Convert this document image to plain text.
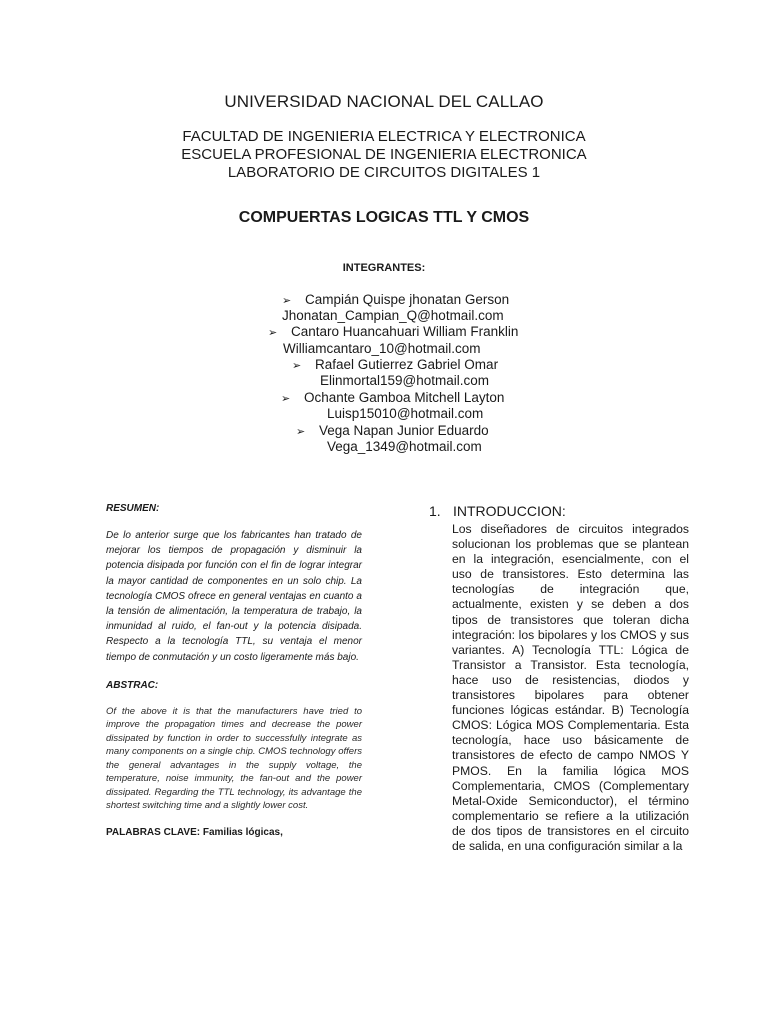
UNIVERSIDAD NACIONAL DEL CALLAO
FACULTAD DE INGENIERIA ELECTRICA Y ELECTRONICA
ESCUELA PROFESIONAL DE INGENIERIA ELECTRONICA
LABORATORIO DE CIRCUITOS DIGITALES 1
COMPUERTAS LOGICAS TTL Y CMOS
INTEGRANTES:
➢ Campián Quispe jhonatan Gerson
Jhonatan_Campian_Q@hotmail.com
➢ Cantaro Huancahuari William Franklin
Williamcantaro_10@hotmail.com
➢ Rafael Gutierrez Gabriel Omar
Elinmortal159@hotmail.com
➢ Ochante Gamboa Mitchell Layton
Luisp15010@hotmail.com
➢ Vega Napan Junior Eduardo
Vega_1349@hotmail.com

RESUMEN:

De lo anterior surge que los fabricantes han tratado de mejorar los tiempos de propagación y disminuir la potencia disipada por función con el fin de lograr integrar la mayor cantidad de componentes en un solo chip. La tecnología CMOS ofrece en general ventajas en cuanto a la tensión de alimentación, la temperatura de trabajo, la inmunidad al ruido, el fan-out y la potencia disipada. Respecto a la tecnología TTL, su ventaja el menor tiempo de conmutación y un costo ligeramente más bajo.

ABSTRAC:

Of the above it is that the manufacturers have tried to improve the propagation times and decrease the power dissipated by function in order to successfully integrate as many components on a single chip. CMOS technology offers the general advantages in the supply voltage, the temperature, noise immunity, the fan-out and the power dissipated. Regarding the TTL technology, its advantage the shortest switching time and a slightly lower cost.

PALABRAS CLAVE: Familias lógicas,

1. INTRODUCCION:

Los diseñadores de circuitos integrados solucionan los problemas que se plantean en la integración, esencialmente, con el uso de transistores. Esto determina las tecnologías de integración que, actualmente, existen y se deben a dos tipos de transistores que toleran dicha integración: los bipolares y los CMOS y sus variantes. A) Tecnología TTL: Lógica de Transistor a Transistor. Esta tecnología, hace uso de resistencias, diodos y transistores bipolares para obtener funciones lógicas estándar. B) Tecnología CMOS: Lógica MOS Complementaria. Esta tecnología, hace uso básicamente de transistores de efecto de campo NMOS Y PMOS. En la familia lógica MOS Complementaria, CMOS (Complementary Metal-Oxide Semiconductor), el término complementario se refiere a la utilización de dos tipos de transistores en el circuito de salida, en una configuración similar a la
